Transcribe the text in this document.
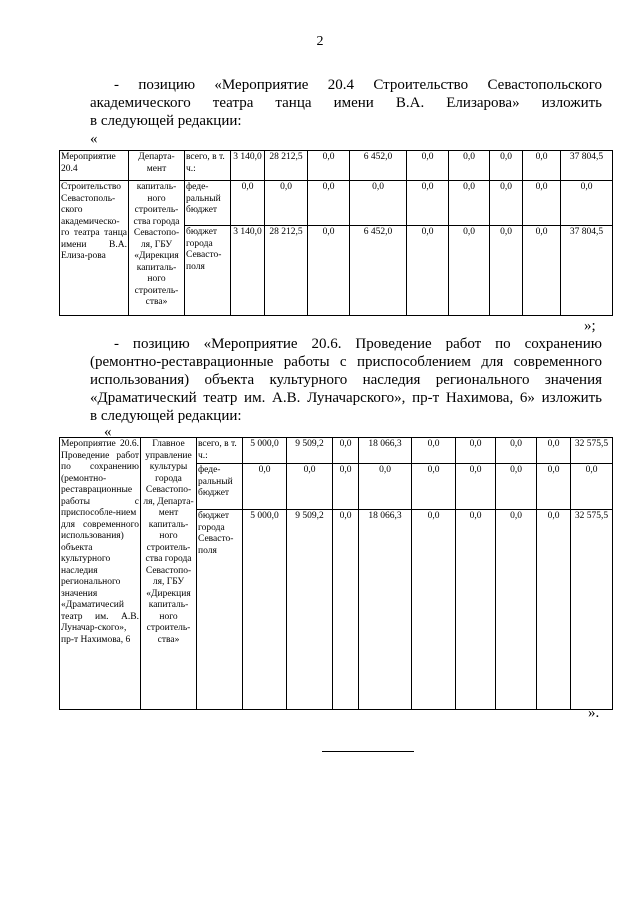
2
- позицию «Мероприятие 20.4 Строительство Севастопольского
академического театра танца имени В.А. Елизарова» изложить
в следующей редакции:
«
Мероприятие 20.4	Департа-мент	всего, в т. ч.:	3 140,0	28 212,5	0,0	6 452,0	0,0	0,0	0,0	0,0	37 804,5
Строительство Севастополь-ского академическо-го театра танца имени В.А. Елиза-рова	капиталь-ного строитель-ства города Севастопо-ля, ГБУ «Дирекция капиталь-ного строитель-ства»	феде-ральный бюджет	0,0	0,0	0,0	0,0	0,0	0,0	0,0	0,0	0,0
		бюджет города Севасто-поля	3 140,0	28 212,5	0,0	6 452,0	0,0	0,0	0,0	0,0	37 804,5
»;
- позицию «Мероприятие 20.6. Проведение работ по сохранению
(ремонтно-реставрационные работы с приспособлением для современного
использования) объекта культурного наследия регионального значения
«Драматический театр им. А.В. Луначарского», пр-т Нахимова, 6» изложить
в следующей редакции:
«
Мероприятие 20.6. Проведение работ по сохранению (ремонтно-реставрационные работы с приспособле-нием для современного использования) объекта культурного наследия регионального значения «Драматичесий театр им. А.В. Луначар-ского», пр-т Нахимова, 6	Главное управление культуры города Севастопо-ля, Департа-мент капиталь-ного строитель-ства города Севастопо-ля, ГБУ «Дирекция капиталь-ного строитель-ства»	всего, в т. ч.:	5 000,0	9 509,2	0,0	18 066,3	0,0	0,0	0,0	0,0	32 575,5
		феде-ральный бюджет	0,0	0,0	0,0	0,0	0,0	0,0	0,0	0,0	0,0
		бюджет города Севасто-поля	5 000,0	9 509,2	0,0	18 066,3	0,0	0,0	0,0	0,0	32 575,5
».
